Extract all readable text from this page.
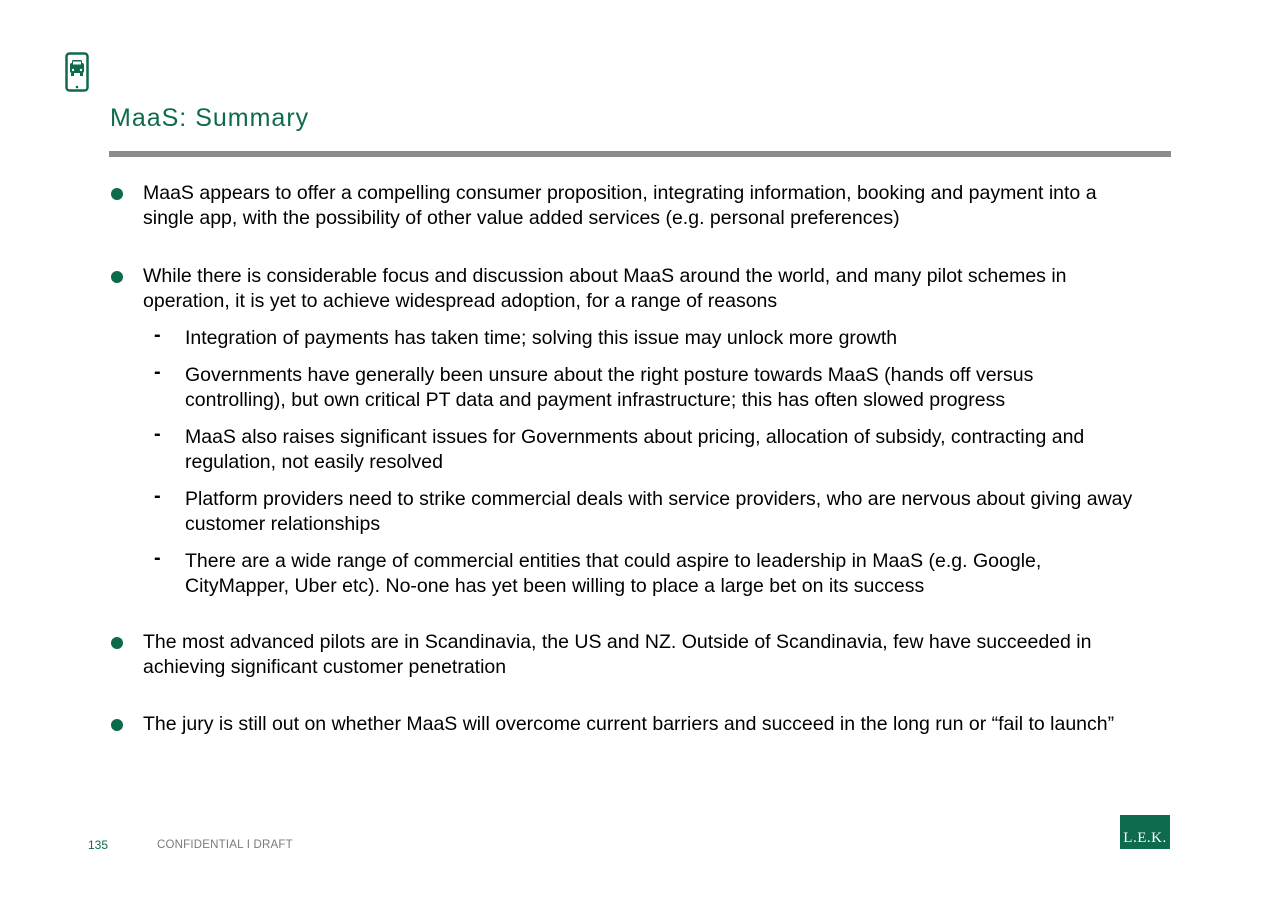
MaaS: Summary
MaaS appears to offer a compelling consumer proposition, integrating information, booking and payment into a single app, with the possibility of other value added services (e.g. personal preferences)
While there is considerable focus and discussion about MaaS around the world, and many pilot schemes in operation, it is yet to achieve widespread adoption, for a range of reasons
- Integration of payments has taken time; solving this issue may unlock more growth
- Governments have generally been unsure about the right posture towards MaaS (hands off versus controlling), but own critical PT data and payment infrastructure; this has often slowed progress
- MaaS also raises significant issues for Governments about pricing, allocation of subsidy, contracting and regulation, not easily resolved
- Platform providers need to strike commercial deals with service providers, who are nervous about giving away customer relationships
- There are a wide range of commercial entities that could aspire to leadership in MaaS (e.g. Google, CityMapper, Uber etc). No-one has yet been willing to place a large bet on its success
The most advanced pilots are in Scandinavia, the US and NZ. Outside of Scandinavia, few have succeeded in achieving significant customer penetration
The jury is still out on whether MaaS will overcome current barriers and succeed in the long run or “fail to launch”
135	CONFIDENTIAL I DRAFT	L.E.K.
